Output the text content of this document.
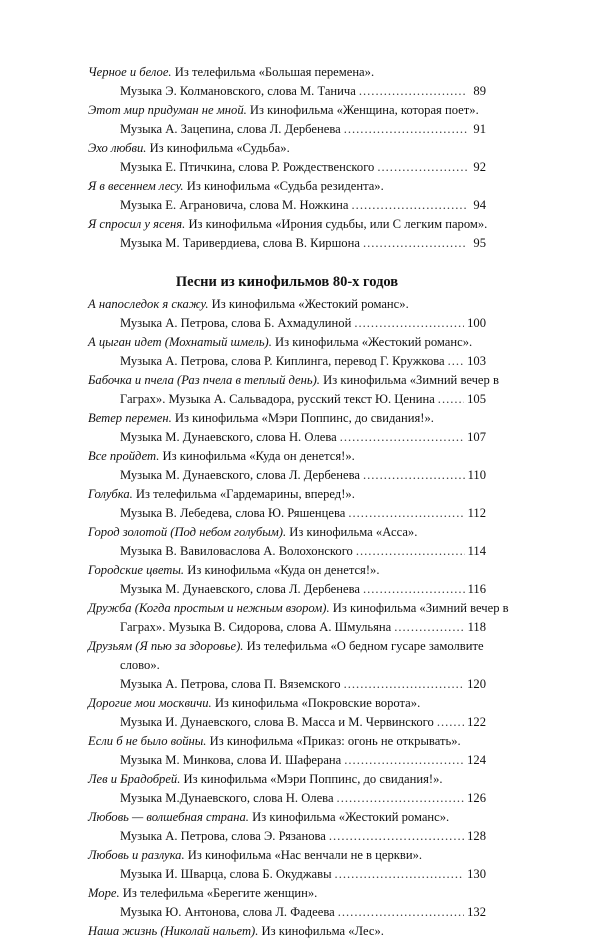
Черное и белое. Из телефильма «Большая перемена».
Музыка Э. Колмановского, слова М. Танича .....	89
Этот мир придуман не мной. Из кинофильма «Женщина, которая поет».
Музыка А. Зацепина, слова Л. Дербенева .....	91
Эхо любви. Из кинофильма «Судьба».
Музыка Е. Птичкина, слова Р. Рождественского .....	92
Я в весеннем лесу. Из кинофильма «Судьба резидента».
Музыка Е. Аграновича, слова М. Ножкина .....	94
Я спросил у ясеня. Из кинофильма «Ирония судьбы, или С легким паром».
Музыка М. Таривердиева, слова В. Киршона .....	95
Песни из кинофильмов 80-х годов
А напоследок я скажу. Из кинофильма «Жестокий романс».
Музыка А. Петрова, слова Б. Ахмадулиной .....	100
А цыган идет (Мохнатый шмель). Из кинофильма «Жестокий романс».
Музыка А. Петрова, слова Р. Киплинга, перевод Г. Кружкова ..... 103
Бабочка и пчела (Раз пчела в теплый день). Из кинофильма «Зимний вечер в
Гаграх». Музыка А. Сальвадора, русский текст Ю. Ценина .....	105
Ветер перемен. Из кинофильма «Мэри Поппинс, до свидания!».
Музыка М. Дунаевского, слова Н. Олева .....	107
Все пройдет. Из кинофильма «Куда он денется!».
Музыка М. Дунаевского, слова Л. Дербенева .....	110
Голубка. Из телефильма «Гардемарины, вперед!».
Музыка В. Лебедева, слова Ю. Ряшенцева .....	112
Город золотой (Под небом голубым). Из кинофильма «Асса».
Музыка В. Вавиловаслова А. Волохонского .....	114
Городские цветы. Из кинофильма «Куда он денется!».
Музыка М. Дунаевского, слова Л. Дербенева .....	116
Дружба (Когда простым и нежным взором). Из кинофильма «Зимний вечер в
Гаграх». Музыка В. Сидорова, слова А. Шмульяна .....	118
Друзьям (Я пью за здоровье). Из телефильма «О бедном гусаре замолвите
слово».
Музыка А. Петрова, слова П. Вяземского .....	120
Дорогие мои москвичи. Из кинофильма «Покровские ворота».
Музыка И. Дунаевского, слова В. Масса и М. Червинского .....	122
Если б не было войны. Из кинофильма «Приказ: огонь не открывать».
Музыка М. Минкова, слова И. Шаферана .....	124
Лев и Брадобрей. Из кинофильма «Мэри Поппинс, до свидания!».
Музыка М.Дунаевского, слова Н. Олева .....	126
Любовь — волшебная страна. Из кинофильма «Жестокий романс».
Музыка А. Петрова, слова Э. Рязанова .....	128
Любовь и разлука. Из кинофильма «Нас венчали не в церкви».
Музыка И. Шварца, слова Б. Окуджавы .....	130
Море. Из телефильма «Берегите женщин».
Музыка Ю. Антонова, слова Л. Фадеева .....	132
Наша жизнь (Николай нальет). Из кинофильма «Лес».
